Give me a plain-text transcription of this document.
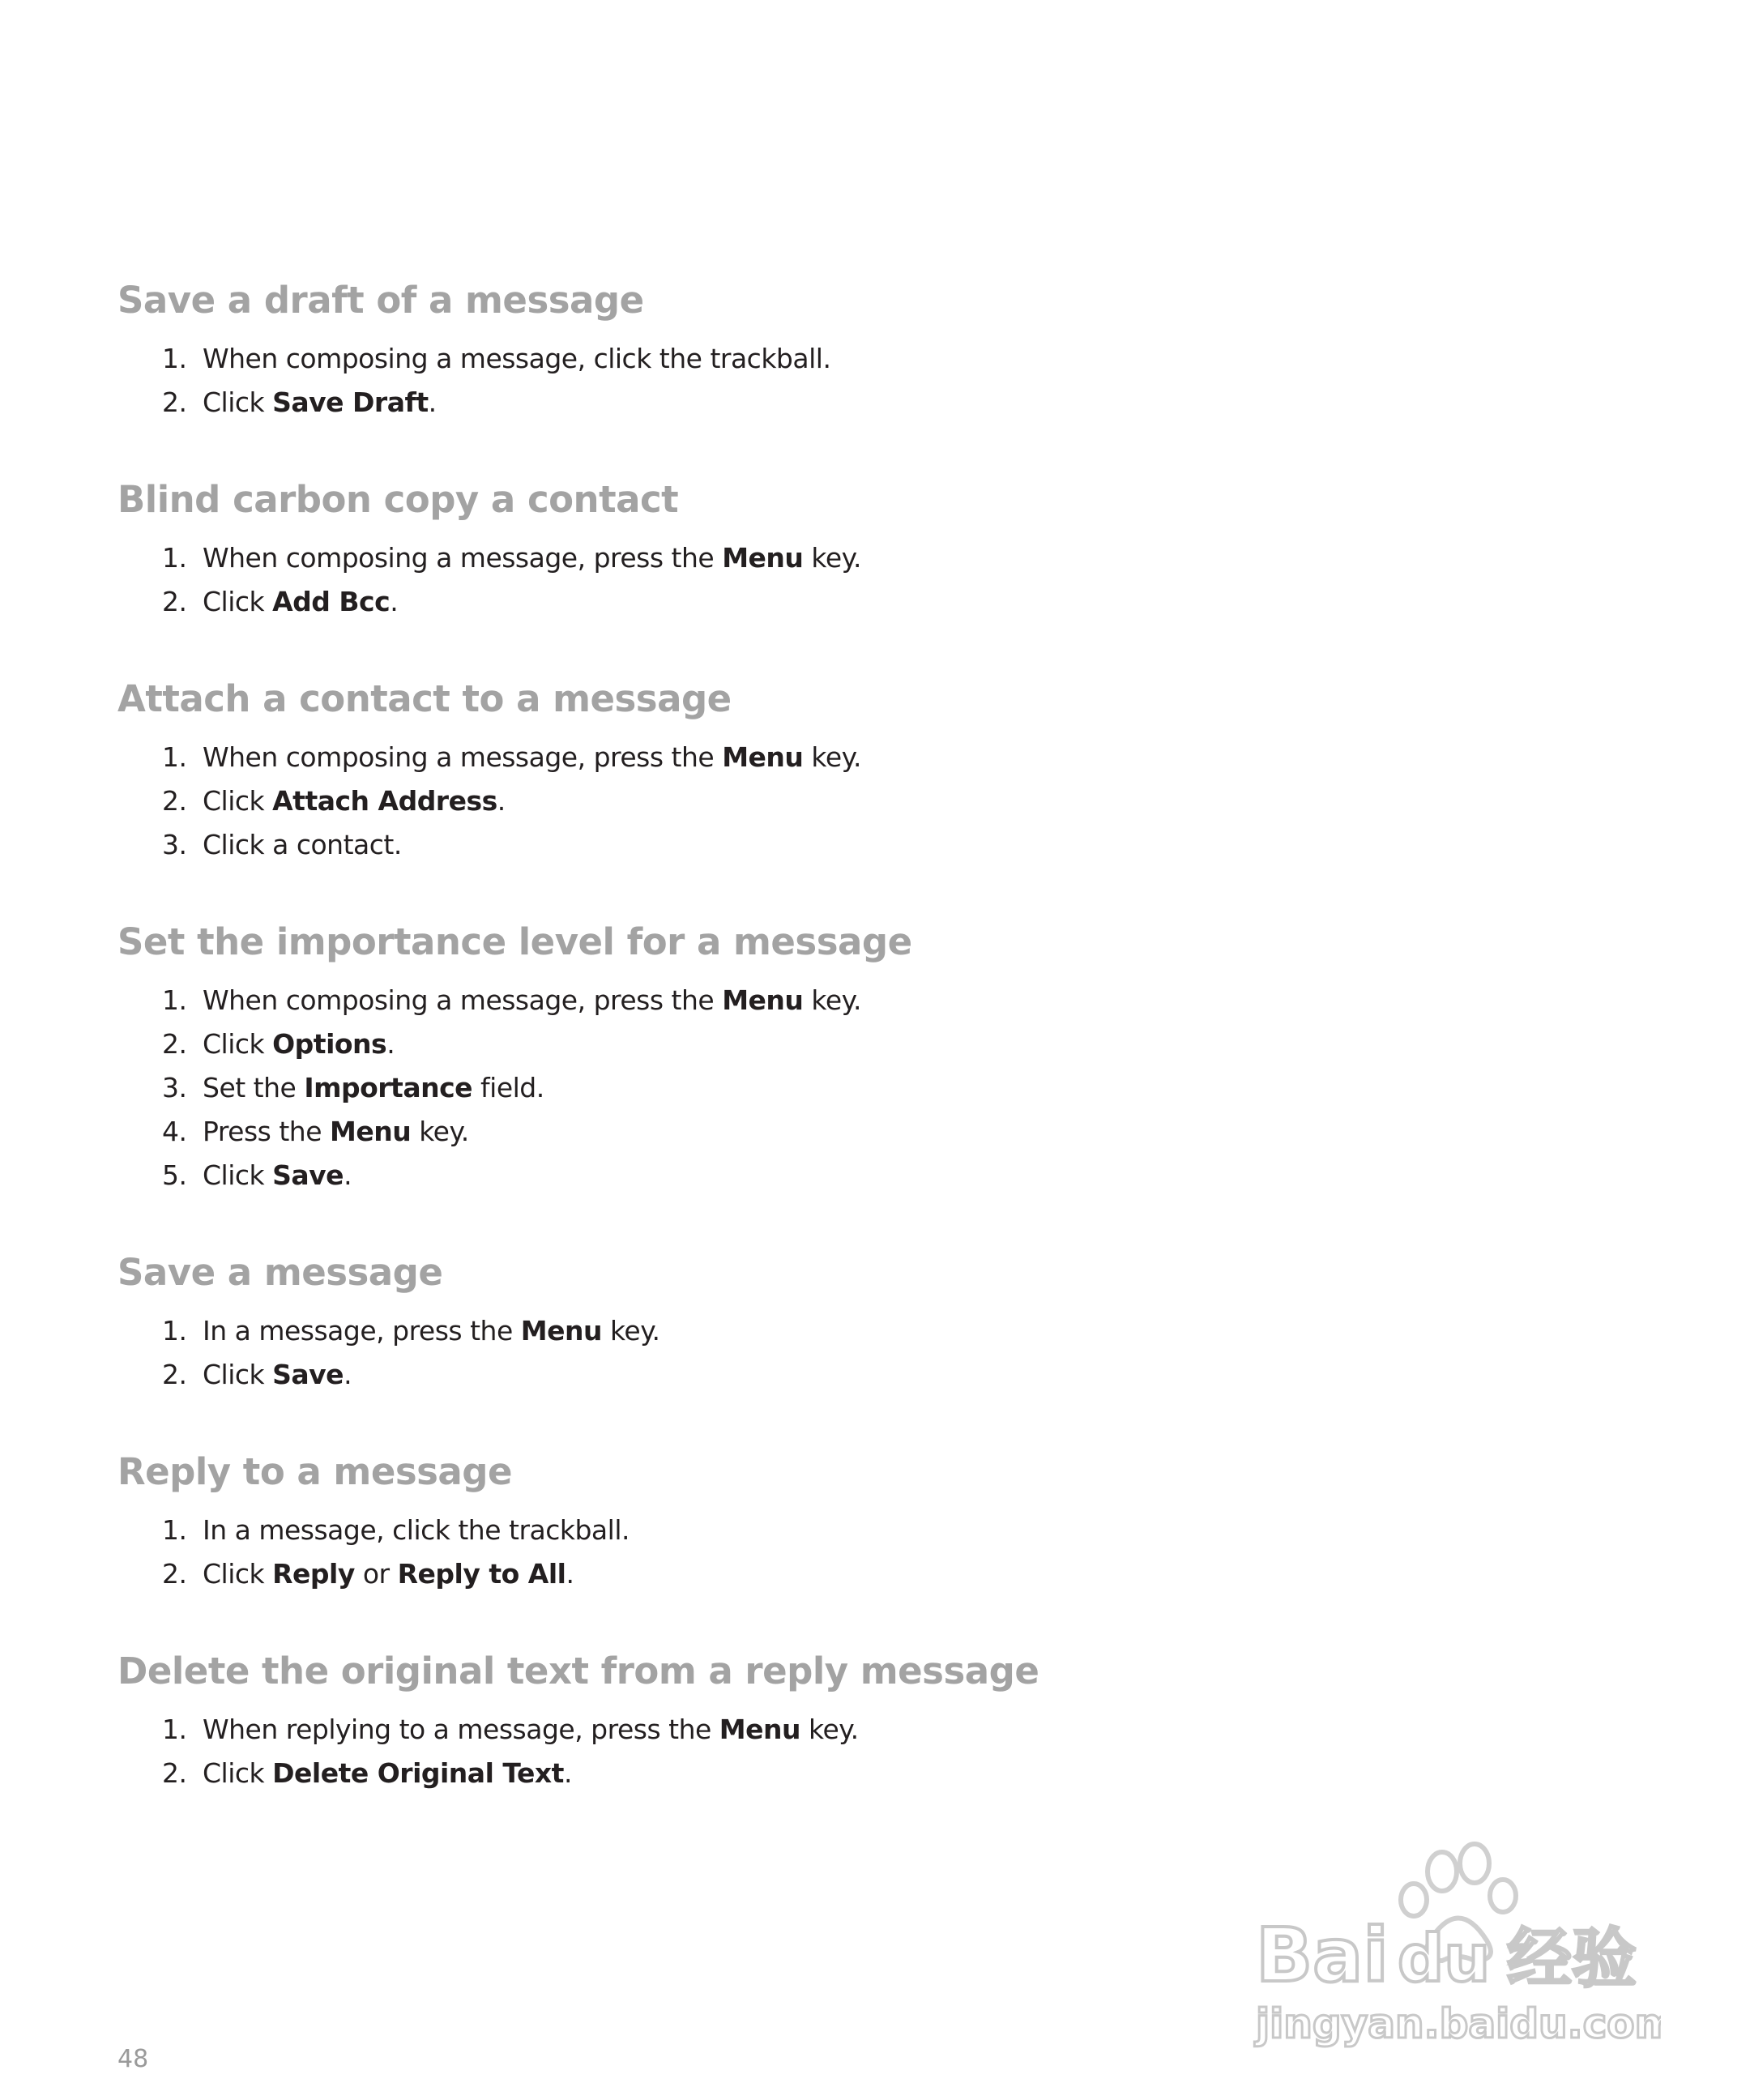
Save a draft of a message
1. When composing a message, click the trackball.
2. Click Save Draft.
Blind carbon copy a contact
1. When composing a message, press the Menu key.
2. Click Add Bcc.
Attach a contact to a message
1. When composing a message, press the Menu key.
2. Click Attach Address.
3. Click a contact.
Set the importance level for a message
1. When composing a message, press the Menu key.
2. Click Options.
3. Set the Importance field.
4. Press the Menu key.
5. Click Save.
Save a message
1. In a message, press the Menu key.
2. Click Save.
Reply to a message
1. In a message, click the trackball.
2. Click Reply or Reply to All.
Delete the original text from a reply message
1. When replying to a message, press the Menu key.
2. Click Delete Original Text.
48
Bai du 经验
jingyan.baidu.com
